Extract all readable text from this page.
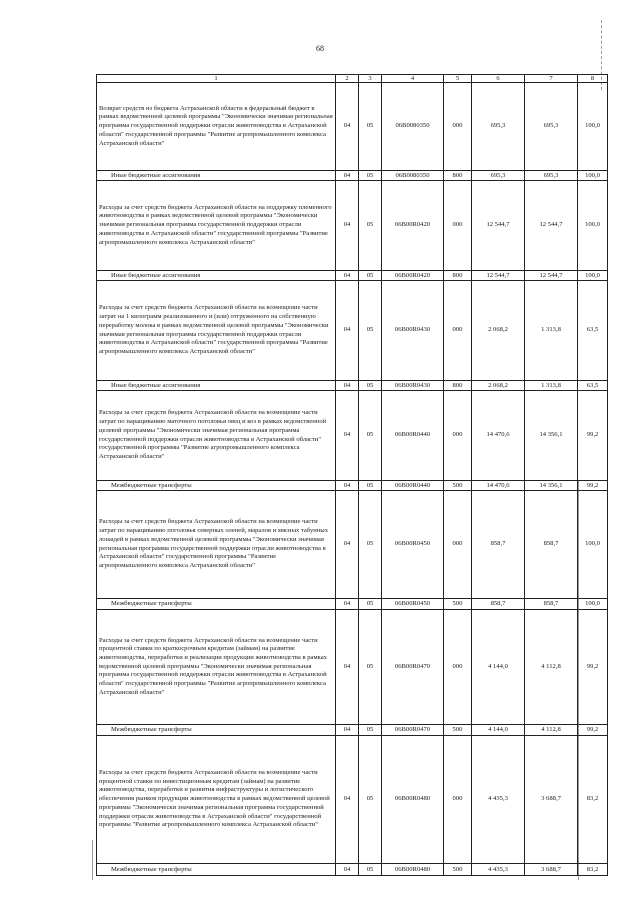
68
1	2	3	4	5	6	7	8
Возврат средств из бюджета Астраханской области в федеральный бюджет в рамках ведомственной целевой программы "Экономически значимая региональная программа государственной поддержки отрасли животноводства в Астраханской области" государственной программы "Развитие агропромышленного комплекса Астраханской области"	04	05	06В0080350	000	695,3	695,3	100,0
Иные бюджетные ассигнования	04	05	06В0080350	800	695,3	695,3	100,0
Расходы за счет средств бюджета Астраханской области на поддержку племенного животноводства в рамках ведомственной целевой программы "Экономически значимая региональная программа государственной поддержки отрасли животноводства в Астраханской области" государственной программы "Развитие агропромышленного комплекса Астраханской области"	04	05	06В00R0420	000	12 544,7	12 544,7	100,0
Иные бюджетные ассигнования	04	05	06В00R0420	800	12 544,7	12 544,7	100,0
Расходы за счет средств бюджета Астраханской области на возмещение части затрат на 1 килограмм реализованного и (или) отгруженного на собственную переработку молока в рамках ведомственной целевой программы "Экономически значимая региональная программа государственной поддержки отрасли животноводства в Астраханской области" государственной программы "Развитие агропромышленного комплекса Астраханской области"	04	05	06В00R0430	000	2 068,2	1 313,8	63,5
Иные бюджетные ассигнования	04	05	06В00R0430	800	2 068,2	1 313,8	63,5
Расходы за счет средств бюджета Астраханской области на возмещение части затрат по наращиванию маточного поголовья овец и коз в рамках ведомственной целевой программы "Экономически значимая региональная программа государственной поддержки отрасли животноводства в Астраханской области" государственной программы "Развитие агропромышленного комплекса Астраханской области"	04	05	06В00R0440	000	14 470,6	14 356,1	99,2
Межбюджетные трансферты	04	05	06В00R0440	500	14 470,6	14 356,1	99,2
Расходы за счет средств бюджета Астраханской области на возмещение части затрат по наращиванию поголовья северных оленей, маралов и мясных табунных лошадей в рамках ведомственной целевой программы "Экономически значимая региональная программа государственной поддержки отрасли животноводства в Астраханской области" государственной программы "Развитие агропромышленного комплекса Астраханской области"	04	05	06В00R0450	000	858,7	858,7	100,0
Межбюджетные трансферты	04	05	06В00R0450	500	858,7	858,7	100,0
Расходы за счет средств бюджета Астраханской области на возмещение части процентной ставки по краткосрочным кредитам (займам) на развитие животноводства, переработки и реализации продукции животноводства в рамках ведомственной целевой программы "Экономически значимая региональная программа государственной поддержки отрасли животноводства в Астраханской области" государственной программы "Развитие агропромышленного комплекса Астраханской области"	04	05	06В00R0470	000	4 144,0	4 112,8	99,2
Межбюджетные трансферты	04	05	06В00R0470	500	4 144,0	4 112,8	99,2
Расходы за счет средств бюджета Астраханской области на возмещение части процентной ставки по инвестиционным кредитам (займам) на развитие животноводства, переработки и развития инфраструктуры и логистического обеспечения рынков продукции животноводства в рамках ведомственной целевой программы "Экономически значимая региональная программа государственной поддержки отрасли животноводства в Астраханской области" государственной программы "Развитие агропромышленного комплекса Астраханской области"	04	05	06В00R0480	000	4 435,3	3 688,7	83,2
Межбюджетные трансферты	04	05	06В00R0480	500	4 435,3	3 688,7	83,2
